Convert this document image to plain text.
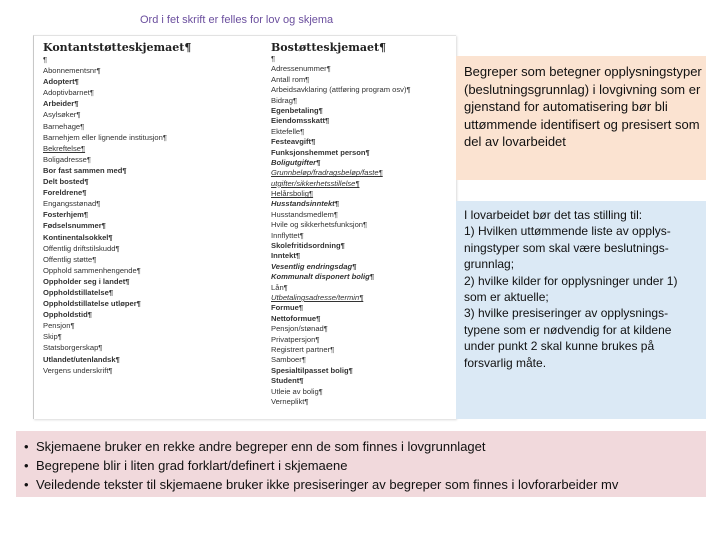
Ord i fet skrift er felles for lov og skjema
Kontantstøtteskjemaet¶
¶
Abonnementsnr¶
Adoptert¶
Adoptivbarnet¶
Arbeider¶
Asylsøker¶
Barnehage¶
Barnehjem eller lignende institusjon¶
Bekreftelse¶
Boligadresse¶
Bor fast sammen med¶
Delt bosted¶
Foreldrene¶
Engangsstønad¶
Fosterhjem¶
Fødselsnummer¶
Kontinentalsokkel¶
Offentlig driftstilskudd¶
Offentlig støtte¶
Opphold sammenhengende¶
Oppholder seg i landet¶
Oppholdstillatelse¶
Oppholdstillatelse utløper¶
Oppholdstid¶
Pensjon¶
Skip¶
Statsborgerskap¶
Utlandet/utenlandsk¶
Vergens underskrift¶
Bostøtteskjemaet¶
¶
Adressenummer¶
Antall rom¶
Arbeidsavklaring (attføring program osv)¶
Bidrag¶
Egenbetaling¶
Eiendomsskatt¶
Ektefelle¶
Festeavgift¶
Funksjonshemmet person¶
Boligutgifter¶
Grunnbeløp/fradragsbeløp/faste¶
utgifter/sikkerhetsstillelse¶
Helårsbolig¶
Husstandsinntekt¶
Husstandsmedlem¶
Hvile og sikkerhetsfunksjon¶
Innflyttet¶
Skolefritidsordning¶
Inntekt¶
Vesentlig endringsdag¶
Kommunalt disponert bolig¶
Lån¶
Utbetalingsadresse/termin¶
Formue¶
Nettoformue¶
Pensjon/stønad¶
Privatpersjon¶
Registrert partner¶
Samboer¶
Spesialtilpasset bolig¶
Student¶
Utleie av bolig¶
Verneplikt¶
Begreper som betegner opplysningstyper (beslutningsgrunnlag) i lovgivning som er gjenstand for automatisering bør bli uttømmende identifisert og presisert som del av lovarbeidet
I lovarbeidet bør det tas stilling til:
1) Hvilken uttømmende liste av opplys-
ningstyper som skal være beslutnings-
grunnlag;
2) hvilke kilder for opplysninger under 1)
som er aktuelle;
3) hvilke presiseringer av opplysnings-
typene som er nødvendig for at kildene
under punkt 2 skal kunne brukes på
forsvarlig måte.
• Skjemaene bruker en rekke andre begreper enn de som finnes i lovgrunnlaget
• Begrepene blir i liten grad forklart/definert i skjemaene
• Veiledende tekster til skjemaene bruker ikke presiseringer av begreper som finnes i lovforarbeider mv
